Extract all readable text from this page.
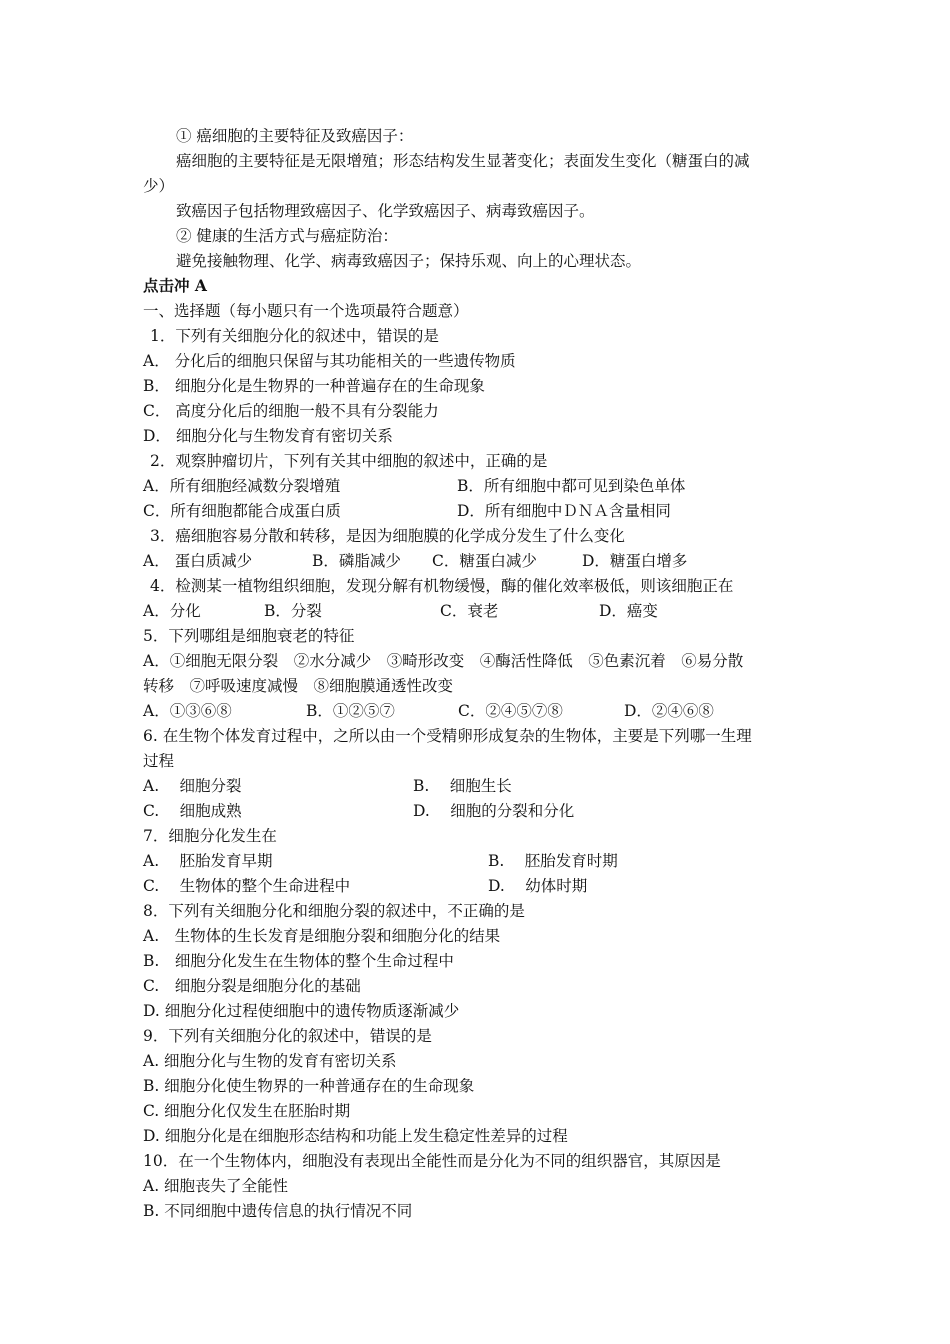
① 癌细胞的主要特征及致癌因子：
癌细胞的主要特征是无限增殖；形态结构发生显著变化；表面发生变化（糖蛋白的减
少）
致癌因子包括物理致癌因子、化学致癌因子、病毒致癌因子。
② 健康的生活方式与癌症防治：
避免接触物理、化学、病毒致癌因子；保持乐观、向上的心理状态。
点击冲 A
一、选择题（每小题只有一个选项最符合题意）
1．下列有关细胞分化的叙述中，错误的是
A． 分化后的细胞只保留与其功能相关的一些遗传物质
B． 细胞分化是生物界的一种普遍存在的生命现象
C． 高度分化后的细胞一般不具有分裂能力
D． 细胞分化与生物发育有密切关系
2．观察肿瘤切片，下列有关其中细胞的叙述中，正确的是
A．所有细胞经减数分裂增殖	B．所有细胞中都可见到染色单体
C．所有细胞都能合成蛋白质	D．所有细胞中ＤＮＡ含量相同
3．癌细胞容易分散和转移，是因为细胞膜的化学成分发生了什么变化
A． 蛋白质减少	B．磷脂减少 C．糖蛋白减少	D．糖蛋白增多
4．检测某一植物组织细胞，发现分解有机物缓慢，酶的催化效率极低，则该细胞正在
A．分化	B．分裂	C．衰老	D．癌变
5．下列哪组是细胞衰老的特征
A．①细胞无限分裂　②水分减少　③畸形改变　④酶活性降低　⑤色素沉着　⑥易分散
转移　⑦呼吸速度减慢　⑧细胞膜通透性改变
A．①③⑥⑧	B．①②⑤⑦	C．②④⑤⑦⑧	D．②④⑥⑧
6. 在生物个体发育过程中，之所以由一个受精卵形成复杂的生物体，主要是下列哪一生理
过程
A.　 细胞分裂	B.　 细胞生长
C.　 细胞成熟	D.　 细胞的分裂和分化
7．细胞分化发生在
A.　 胚胎发育早期	B.　 胚胎发育时期
C.　 生物体的整个生命进程中	D.　 幼体时期
8．下列有关细胞分化和细胞分裂的叙述中，不正确的是
A.　生物体的生长发育是细胞分裂和细胞分化的结果
B.　细胞分化发生在生物体的整个生命过程中
C.　细胞分裂是细胞分化的基础
D. 细胞分化过程使细胞中的遗传物质逐渐减少
9．下列有关细胞分化的叙述中，错误的是
A. 细胞分化与生物的发育有密切关系
B. 细胞分化使生物界的一种普通存在的生命现象
C. 细胞分化仅发生在胚胎时期
D. 细胞分化是在细胞形态结构和功能上发生稳定性差异的过程
10．在一个生物体内，细胞没有表现出全能性而是分化为不同的组织器官，其原因是
A. 细胞丧失了全能性
B. 不同细胞中遗传信息的执行情况不同
